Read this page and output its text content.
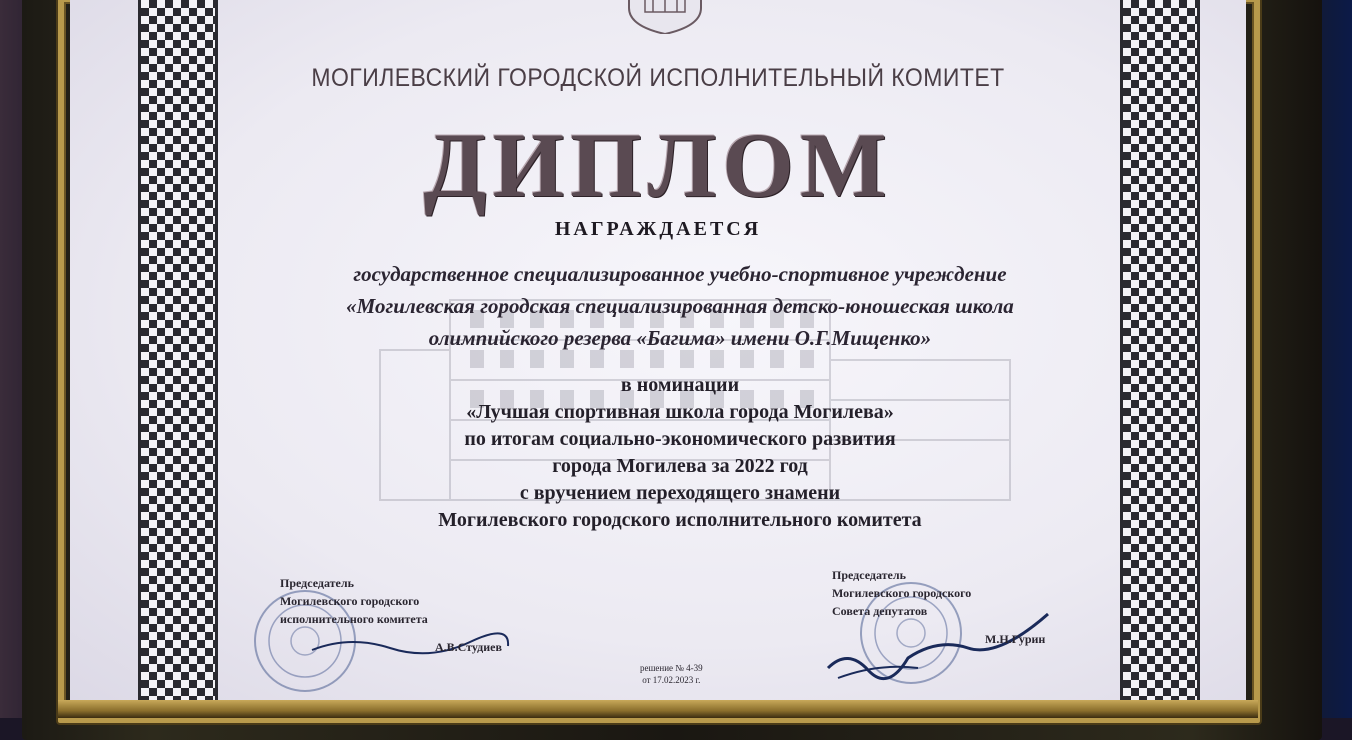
МОГИЛЕВСКИЙ ГОРОДСКОЙ ИСПОЛНИТЕЛЬНЫЙ КОМИТЕТ
ДИПЛОМ
НАГРАЖДАЕТСЯ
государственное специализированное учебно-спортивное учреждение
«Могилевская городская специализированная детско-юношеская школа
олимпийского резерва «Багима» имени О.Г.Мищенко»
в номинации
«Лучшая спортивная школа города Могилева»
по итогам социально-экономического развития
города Могилева за 2022 год
с вручением переходящего знамени
Могилевского городского исполнительного комитета
Председатель
Могилевского городского
исполнительного комитета
А.В.Студиев
Председатель
Могилевского городского
Совета депутатов
М.Н.Гурин
решение № 4-39
от 17.02.2023 г.
